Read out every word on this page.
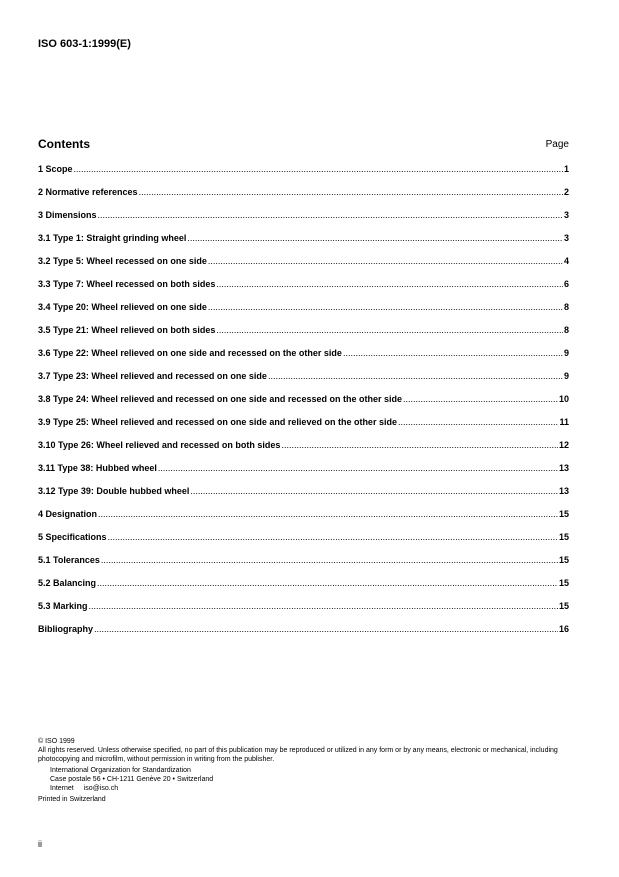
ISO 603-1:1999(E)
Contents	Page
1 Scope .....	1
2 Normative references .....	2
3 Dimensions .....	3
3.1 Type 1: Straight grinding wheel .....	3
3.2 Type 5: Wheel recessed on one side .....	4
3.3 Type 7: Wheel recessed on both sides .....	6
3.4 Type 20: Wheel relieved on one side .....	8
3.5 Type 21: Wheel relieved on both sides .....	8
3.6 Type 22: Wheel relieved on one side and recessed on the other side .....	9
3.7 Type 23: Wheel relieved and recessed on one side .....	9
3.8 Type 24: Wheel relieved and recessed on one side and recessed on the other side .....	10
3.9 Type 25: Wheel relieved and recessed on one side and relieved on the other side .....	11
3.10 Type 26: Wheel relieved and recessed on both sides .....	12
3.11 Type 38: Hubbed wheel .....	13
3.12 Type 39: Double hubbed wheel .....	13
4 Designation .....	15
5 Specifications .....	15
5.1 Tolerances .....	15
5.2 Balancing .....	15
5.3 Marking .....	15
Bibliography .....	16
© ISO 1999
All rights reserved. Unless otherwise specified, no part of this publication may be reproduced or utilized in any form or by any means, electronic or mechanical, including photocopying and microfilm, without permission in writing from the publisher.
International Organization for Standardization
Case postale 56 • CH-1211 Genève 20 • Switzerland
Internet iso@iso.ch
Printed in Switzerland
ii
